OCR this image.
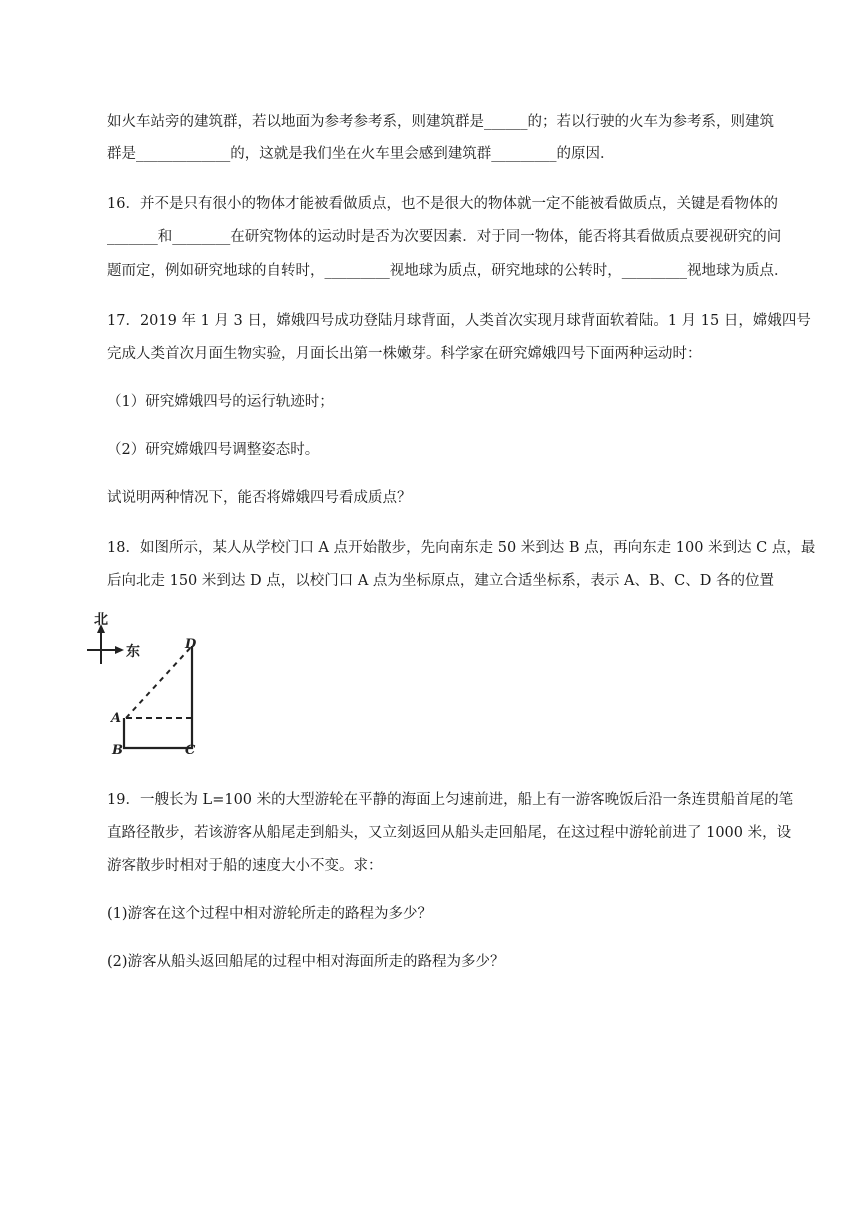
如火车站旁的建筑群，若以地面为参考参考系，则建筑群是______的；若以行驶的火车为参考系，则建筑
群是_____________的，这就是我们坐在火车里会感到建筑群_________的原因．
16．并不是只有很小的物体才能被看做质点，也不是很大的物体就一定不能被看做质点，关键是看物体的
_______和________在研究物体的运动时是否为次要因素．对于同一物体，能否将其看做质点要视研究的问
题而定，例如研究地球的自转时，_________视地球为质点，研究地球的公转时，_________视地球为质点．
17．2019 年 1 月 3 日，嫦娥四号成功登陆月球背面，人类首次实现月球背面软着陆。1 月 15 日，嫦娥四号
完成人类首次月面生物实验，月面长出第一株嫩芽。科学家在研究嫦娥四号下面两种运动时：
（1）研究嫦娥四号的运行轨迹时；
（2）研究嫦娥四号调整姿态时。
试说明两种情况下，能否将嫦娥四号看成质点？
18．如图所示，某人从学校门口 A 点开始散步，先向南东走 50 米到达 B 点，再向东走 100 米到达 C 点，最
后向北走 150 米到达 D 点，以校门口 A 点为坐标原点，建立合适坐标系，表示 A、B、C、D 各的位置
北
东
A
B	C
D
19．一艘长为 L=100 米的大型游轮在平静的海面上匀速前进，船上有一游客晚饭后沿一条连贯船首尾的笔
直路径散步，若该游客从船尾走到船头，又立刻返回从船头走回船尾，在这过程中游轮前进了 1000 米，设
游客散步时相对于船的速度大小不变。求：
(1)游客在这个过程中相对游轮所走的路程为多少？
(2)游客从船头返回船尾的过程中相对海面所走的路程为多少？
